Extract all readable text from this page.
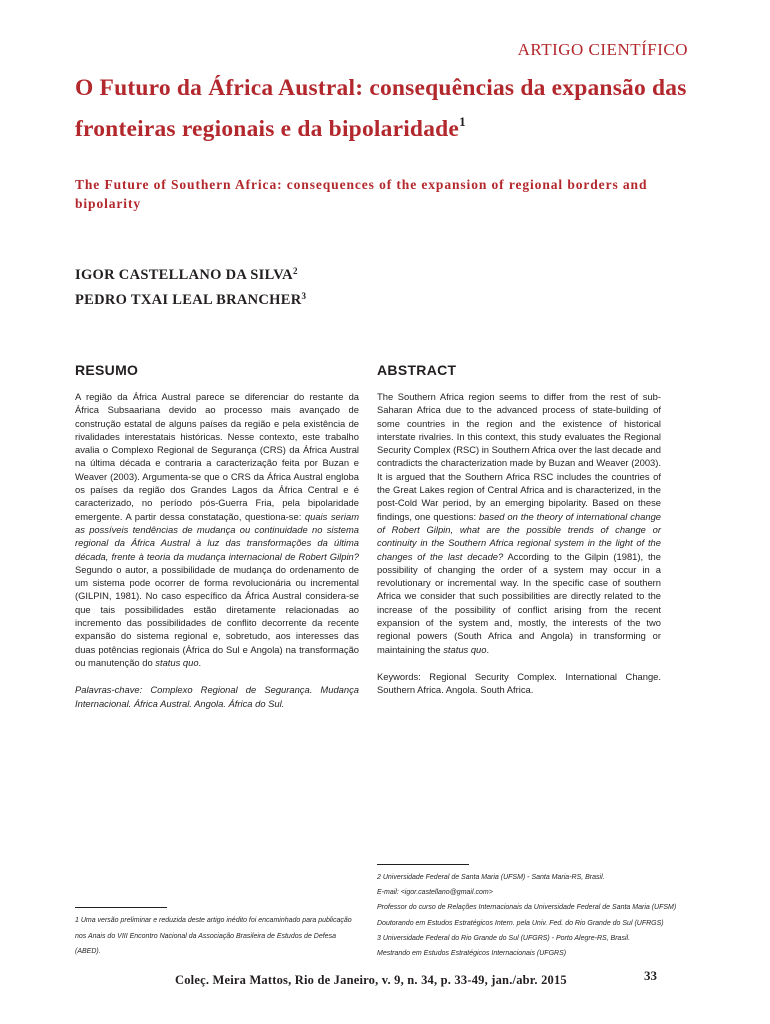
ARTIGO CIENTÍFICO
O Futuro da África Austral: consequências da expansão das fronteiras regionais e da bipolaridade$^1$
The Future of Southern Africa: consequences of the expansion of regional borders and bipolarity
IGOR CASTELLANO DA SILVA$^2$
PEDRO TXAI LEAL BRANCHER$^3$
RESUMO

A região da África Austral parece se diferenciar do restante da África Subsaariana devido ao processo mais avançado de construção estatal de alguns países da região e pela existência de rivalidades interestatais históricas. Nesse contexto, este trabalho avalia o Complexo Regional de Segurança (CRS) da África Austral na última década e contraria a caracterização feita por Buzan e Weaver (2003). Argumenta-se que o CRS da África Austral engloba os países da região dos Grandes Lagos da África Central e é caracterizado, no período pós-Guerra Fria, pela bipolaridade emergente. A partir dessa constatação, questiona-se: quais seriam as possíveis tendências de mudança ou continuidade no sistema regional da África Austral à luz das transformações da última década, frente à teoria da mudança internacional de Robert Gilpin?Segundo o autor, a possibilidade de mudança do ordenamento de um sistema pode ocorrer de forma revolucionária ou incremental (GILPIN, 1981). No caso específico da África Austral considera-se que tais possibilidades estão diretamente relacionadas ao incremento das possibilidades de conflito decorrente da recente expansão do sistema regional e, sobretudo, aos interesses das duas potências regionais (África do Sul e Angola) na transformação ou manutenção do status quo.

Palavras-chave: Complexo Regional de Segurança. Mudança Internacional. África Austral. Angola. África do Sul.

ABSTRACT

The Southern Africa region seems to differ from the rest of sub-Saharan Africa due to the advanced process of state-building of some countries in the region and the existence of historical interstate rivalries. In this context, this study evaluates the Regional Security Complex (RSC) in Southern Africa over the last decade and contradicts the characterization made by Buzan and Weaver (2003). It is argued that the Southern Africa RSC includes the countries of the Great Lakes region of Central Africa and is characterized, in the post-Cold War period, by an emerging bipolarity. Based on these findings, one questions: based on the theory of international change of Robert Gilpin, what are the possible trends of change or continuity in the Southern Africa regional system in the light of the changes of the last decade? According to the Gilpin (1981), the possibility of changing the order of a system may occur in a revolutionary or incremental way. In the specific case of southern Africa we consider that such possibilities are directly related to the increase of the possibility of conflict arising from the recent expansion of the system and, mostly, the interests of the two regional powers (South Africa and Angola) in transforming or maintaining the status quo.

Keywords: Regional Security Complex. International Change. Southern Africa. Angola. South Africa.

2 Universidade Federal de Santa Maria (UFSM) - Santa Maria-RS, Brasil.

E-mail: <igor.castellano@gmail.com>

Professor do curso de Relações Internacionais da Universidade Federal de Santa Maria (UFSM)

Doutorando em Estudos Estratégicos Intern. pela Univ. Fed. do Rio Grande do Sul (UFRGS)

3 Universidade Federal do Rio Grande do Sul (UFGRS) - Porto Alegre-RS, Brasil.

Mestrando em Estudos Estratégicos Internacionais (UFGRS)

1 Uma versão preliminar e reduzida deste artigo inédito foi encaminhado para publicação nos Anais do VIII Encontro Nacional da Associação Brasileira de Estudos de Defesa (ABED).

Coleç. Meira Mattos, Rio de Janeiro, v. 9, n. 34, p. 33-49, jan./abr. 2015	33
